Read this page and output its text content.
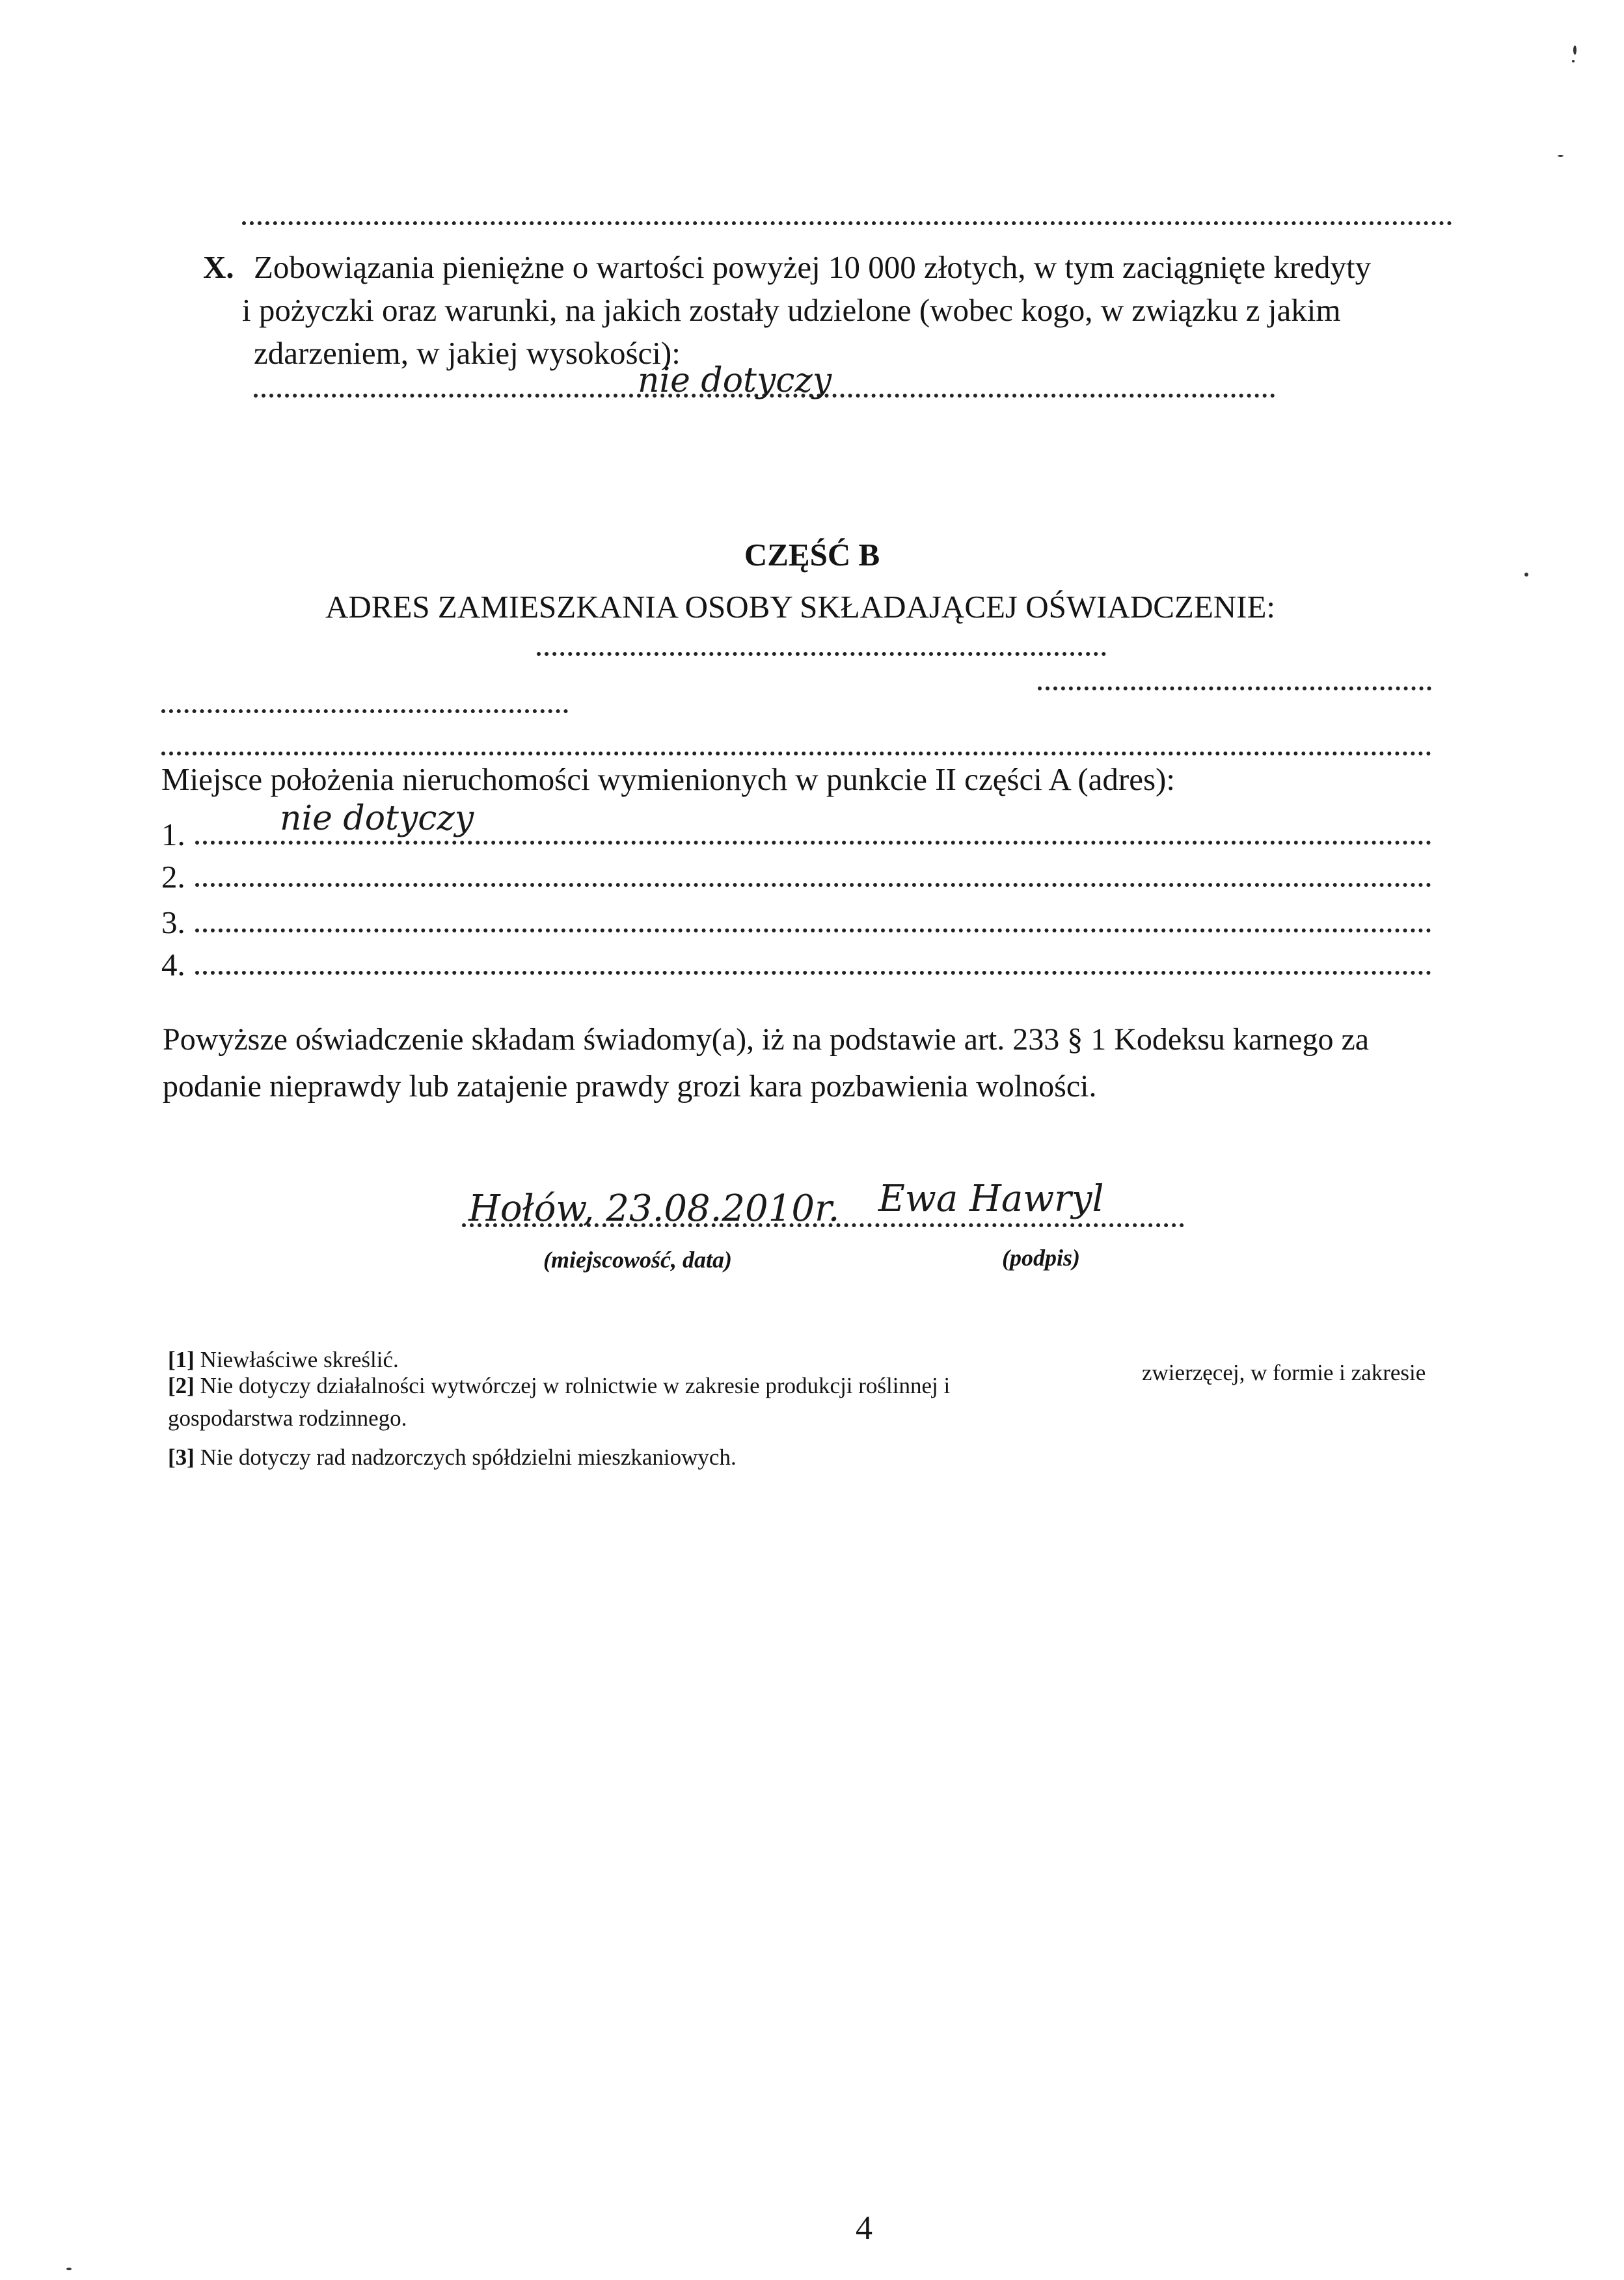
X. Zobowiązania pieniężne o wartości powyżej 10 000 złotych, w tym zaciągnięte kredyty
i pożyczki oraz warunki, na jakich zostały udzielone (wobec kogo, w związku z jakim
zdarzeniem, w jakiej wysokości):
nie dotyczy
CZĘŚĆ B
ADRES ZAMIESZKANIA OSOBY SKŁADAJĄCEJ OŚWIADCZENIE:
Miejsce położenia nieruchomości wymienionych w punkcie II części A (adres):
1.	nie dotyczy
2.
3.
4.
Powyższe oświadczenie składam świadomy(a), iż na podstawie art. 233 § 1 Kodeksu karnego za
podanie nieprawdy lub zatajenie prawdy grozi kara pozbawienia wolności.
Hołów, 23.08.2010r. Ewa Hawryl
(miejscowość, data)	(podpis)
[1] Niewłaściwe skreślić.
[2] Nie dotyczy działalności wytwórczej w rolnictwie w zakresie produkcji roślinnej i
zwierzęcej, w formie i zakresie
gospodarstwa rodzinnego.
[3] Nie dotyczy rad nadzorczych spółdzielni mieszkaniowych.
4
